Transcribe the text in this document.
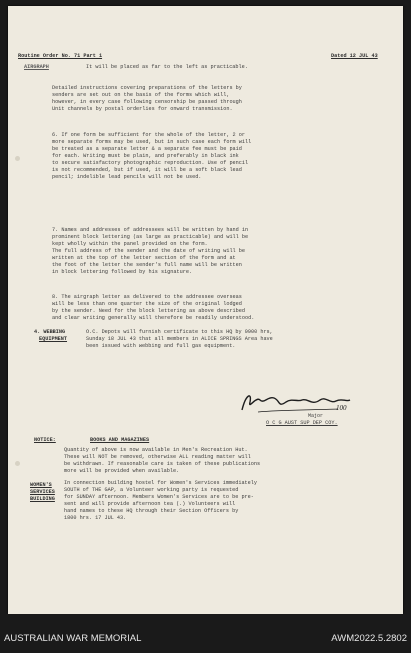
Routine Order No. 71 Part 1	Dated 12 JUL 43
AIRGRAPH	It will be placed as far to the left as practicable.
Detailed instructions covering preparations of the letters by
senders are set out on the basis of the forms which will,
however, in every case following censorship be passed through
Unit channels by postal orderlies for onward transmission.
6. If one form be sufficient for the whole of the letter, 2 or
more separate forms may be used, but in such case each form will
be treated as a separate letter & a separate fee must be paid
for each. Writing must be plain, and preferably in black ink
to secure satisfactory photographic reproduction. Use of pencil
is not recommended, but if used, it will be a soft black lead
pencil; indelible lead pencils will not be used.
7. Names and addresses of addressees will be written by hand in
prominent block lettering (as large as practicable) and will be
kept wholly within the panel provided on the form.
The full address of the sender and the date of writing will be
written at the top of the letter section of the form and at
the foot of the letter the sender's full name will be written
in block lettering followed by his signature.
8. The airgraph letter as delivered to the addressee overseas
will be less than one quarter the size of the original lodged
by the sender. Need for the block lettering as above described
and clear writing generally will therefore be readily understood.
4. WEBBING
EQUIPMENT
O.C. Depots will furnish certificate to this HQ by 0900 hrs,
Sunday 18 JUL 43 that all members in ALICE SPRINGS Area have
been issued with webbing and full gas equipment.
Major
100
O C G AUST SUP DEP COY.
NOTICE:	BOOKS AND MAGAZINES
Quantity of above is now available in Men's Recreation Hut.
These will NOT be removed, otherwise ALL reading matter will
be withdrawn. If reasonable care is taken of these publications
more will be provided when available.
WOMEN'S
SERVICES
BUILDING
In connection building hostel for Women's Services immediately
SOUTH of THE GAP, a Volunteer working party is requested
for SUNDAY afternoon. Members Women's Services are to be pre-
sent and will provide afternoon tea (.) Volunteers will
hand names to these HQ through their Section Officers by
1800 hrs. 17 JUL 43.
AUSTRALIAN WAR MEMORIAL	AWM2022.5.2802
